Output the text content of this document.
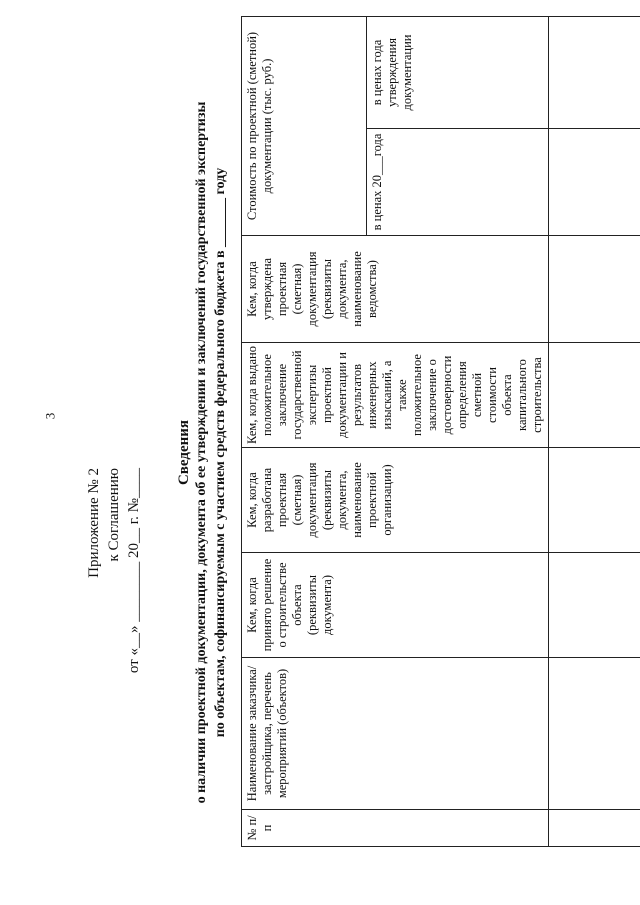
3
Приложение № 2 к Соглашению от «__» ________ 20__ г. №____
Сведения о наличии проектной документации, документа об ее утверждении и заключений государственной экспертизы по объектам, софинансируемым с участием средств федерального бюджета в _______ году
№ п/п	Наименование заказчика/застройщика, перечень мероприятий (объектов)	Кем, когда принято решение о строительстве объекта (реквизиты документа)	Кем, когда разработана проектная (сметная) документация (реквизиты документа, наименование проектной организации)	Кем, когда выдано положительное заключение государственной экспертизы проектной документации и результатов инженерных изысканий, а также положительное заключение о достоверности определения сметной стоимости объекта капитального строительства	Кем, когда утверждена проектная (сметная) документация (реквизиты документа, наименование ведомства)	Стоимость по проектной (сметной) документации (тыс. руб.)	
						в ценах 20___года	в ценах года утверждения документации
